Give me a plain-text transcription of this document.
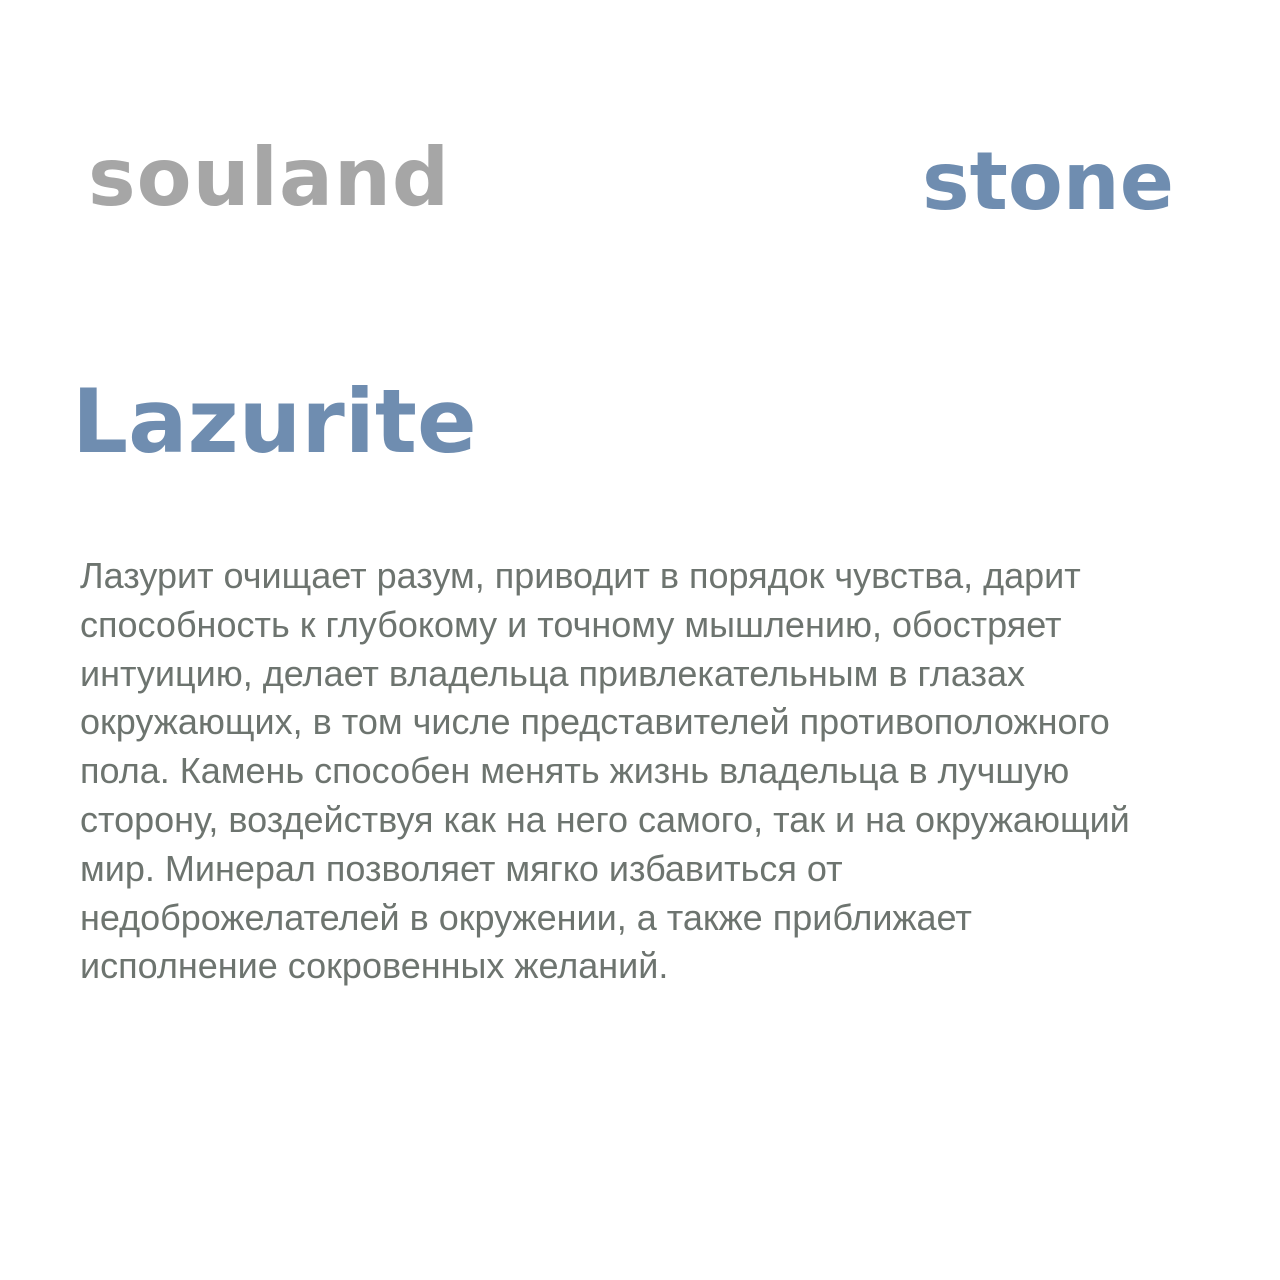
souland	stone
Lazurite

Лазурит очищает разум, приводит в порядок чувства, дарит
способность к глубокому и точному мышлению, обостряет
интуицию, делает владельца привлекательным в глазах
окружающих, в том числе представителей противоположного
пола. Камень способен менять жизнь владельца в лучшую
сторону, воздействуя как на него самого, так и на окружающий
мир. Минерал позволяет мягко избавиться от
недоброжелателей в окружении, а также приближает
исполнение сокровенных желаний.
